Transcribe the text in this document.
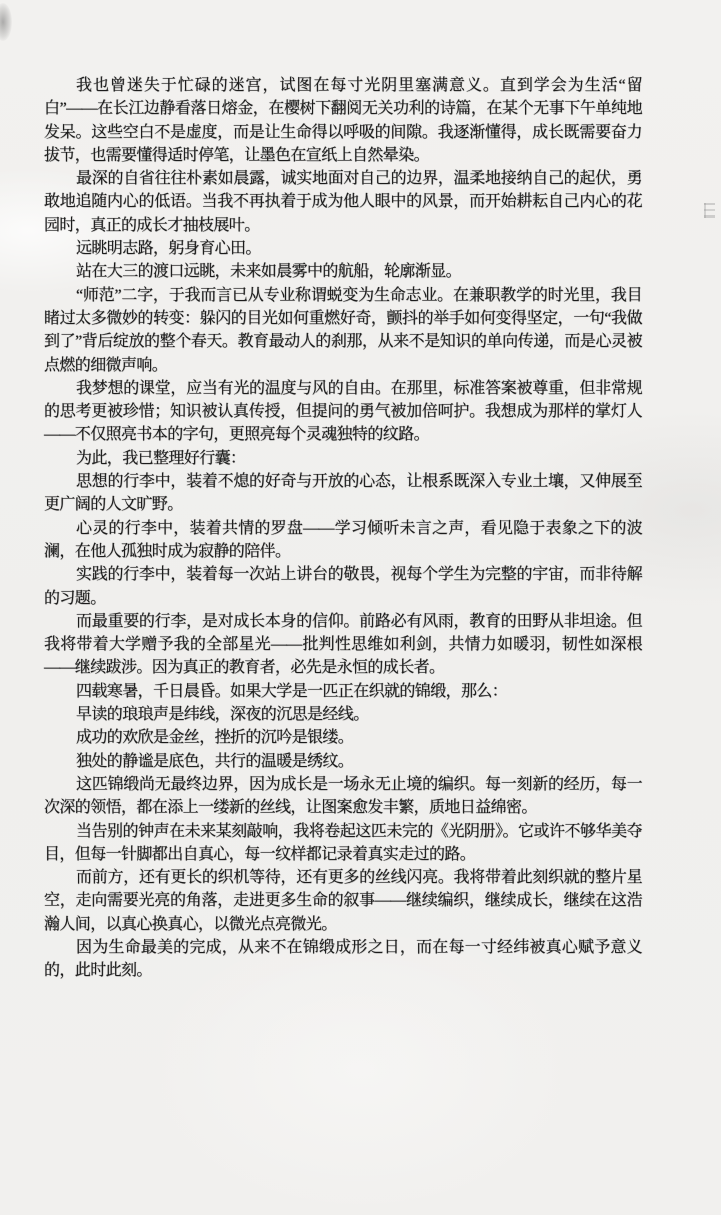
我也曾迷失于忙碌的迷宫，试图在每寸光阴里塞满意义。直到学会为生活“留白”——在长江边静看落日熔金，在樱树下翻阅无关功利的诗篇，在某个无事下午单纯地发呆。这些空白不是虚度，而是让生命得以呼吸的间隙。我逐渐懂得，成长既需要奋力拔节，也需要懂得适时停笔，让墨色在宣纸上自然晕染。

最深的自省往往朴素如晨露，诚实地面对自己的边界，温柔地接纳自己的起伏，勇敢地追随内心的低语。当我不再执着于成为他人眼中的风景，而开始耕耘自己内心的花园时，真正的成长才抽枝展叶。

远眺明志路，躬身育心田。

站在大三的渡口远眺，未来如晨雾中的航船，轮廓渐显。

“师范”二字，于我而言已从专业称谓蜕变为生命志业。在兼职教学的时光里，我目睹过太多微妙的转变：躲闪的目光如何重燃好奇，颤抖的举手如何变得坚定，一句“我做到了”背后绽放的整个春天。教育最动人的刹那，从来不是知识的单向传递，而是心灵被点燃的细微声响。

我梦想的课堂，应当有光的温度与风的自由。在那里，标准答案被尊重，但非常规的思考更被珍惜；知识被认真传授，但提问的勇气被加倍呵护。我想成为那样的掌灯人——不仅照亮书本的字句，更照亮每个灵魂独特的纹路。

为此，我已整理好行囊：

思想的行李中，装着不熄的好奇与开放的心态，让根系既深入专业土壤，又伸展至更广阔的人文旷野。

心灵的行李中，装着共情的罗盘——学习倾听未言之声，看见隐于表象之下的波澜，在他人孤独时成为寂静的陪伴。

实践的行李中，装着每一次站上讲台的敬畏，视每个学生为完整的宇宙，而非待解的习题。

而最重要的行李，是对成长本身的信仰。前路必有风雨，教育的田野从非坦途。但我将带着大学赠予我的全部星光——批判性思维如利剑，共情力如暖羽，韧性如深根——继续跋涉。因为真正的教育者，必先是永恒的成长者。

四载寒暑，千日晨昏。如果大学是一匹正在织就的锦缎，那么：

早读的琅琅声是纬线，深夜的沉思是经线。

成功的欢欣是金丝，挫折的沉吟是银缕。

独处的静谧是底色，共行的温暖是绣纹。

这匹锦缎尚无最终边界，因为成长是一场永无止境的编织。每一刻新的经历，每一次深的领悟，都在添上一缕新的丝线，让图案愈发丰繁，质地日益绵密。

当告别的钟声在未来某刻敲响，我将卷起这匹未完的《光阴册》。它或许不够华美夺目，但每一针脚都出自真心，每一纹样都记录着真实走过的路。

而前方，还有更长的织机等待，还有更多的丝线闪亮。我将带着此刻织就的整片星空，走向需要光亮的角落，走进更多生命的叙事——继续编织，继续成长，继续在这浩瀚人间，以真心换真心，以微光点亮微光。

因为生命最美的完成，从来不在锦缎成形之日，而在每一寸经纬被真心赋予意义的，此时此刻。
